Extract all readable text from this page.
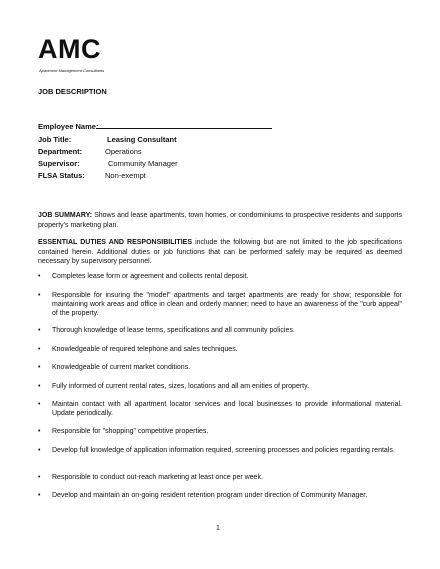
AMC
Apartment Management Consultants
JOB DESCRIPTION
Employee Name:
Job Title:	Leasing Consultant
Department:	Operations
Supervisor:	Community Manager
FLSA Status:	Non-exempt
JOB SUMMARY: Shows and lease apartments, town homes, or condominiums to prospective residents and supports property's marketing plan.
ESSENTIAL DUTIES AND RESPONSIBILITIES include the following but are not limited to the job specifications contained herein. Additional duties or job functions that can be performed safely may be required as deemed necessary by supervisory personnel.
• Completes lease form or agreement and collects rental deposit.
• Responsible for insuring the "model" apartments and target apartments are ready for show; responsible for maintaining work areas and office in clean and orderly manner; need to have an awareness of the "curb appeal" of the property.
• Thorough knowledge of lease terms, specifications and all community policies.
• Knowledgeable of required telephone and sales techniques.
• Knowledgeable of current market conditions.
• Fully informed of current rental rates, sizes, locations and all am enities of property.
• Maintain contact with all apartment locator services and local businesses to provide informational material. Update periodically.
• Responsible for "shopping" competitive properties.
• Develop full knowledge of application information required, screening processes and policies regarding rentals.
• Responsible to conduct out-reach marketing at least once per week.
• Develop and maintain an on-going resident retention program under direction of Community Manager.
1
